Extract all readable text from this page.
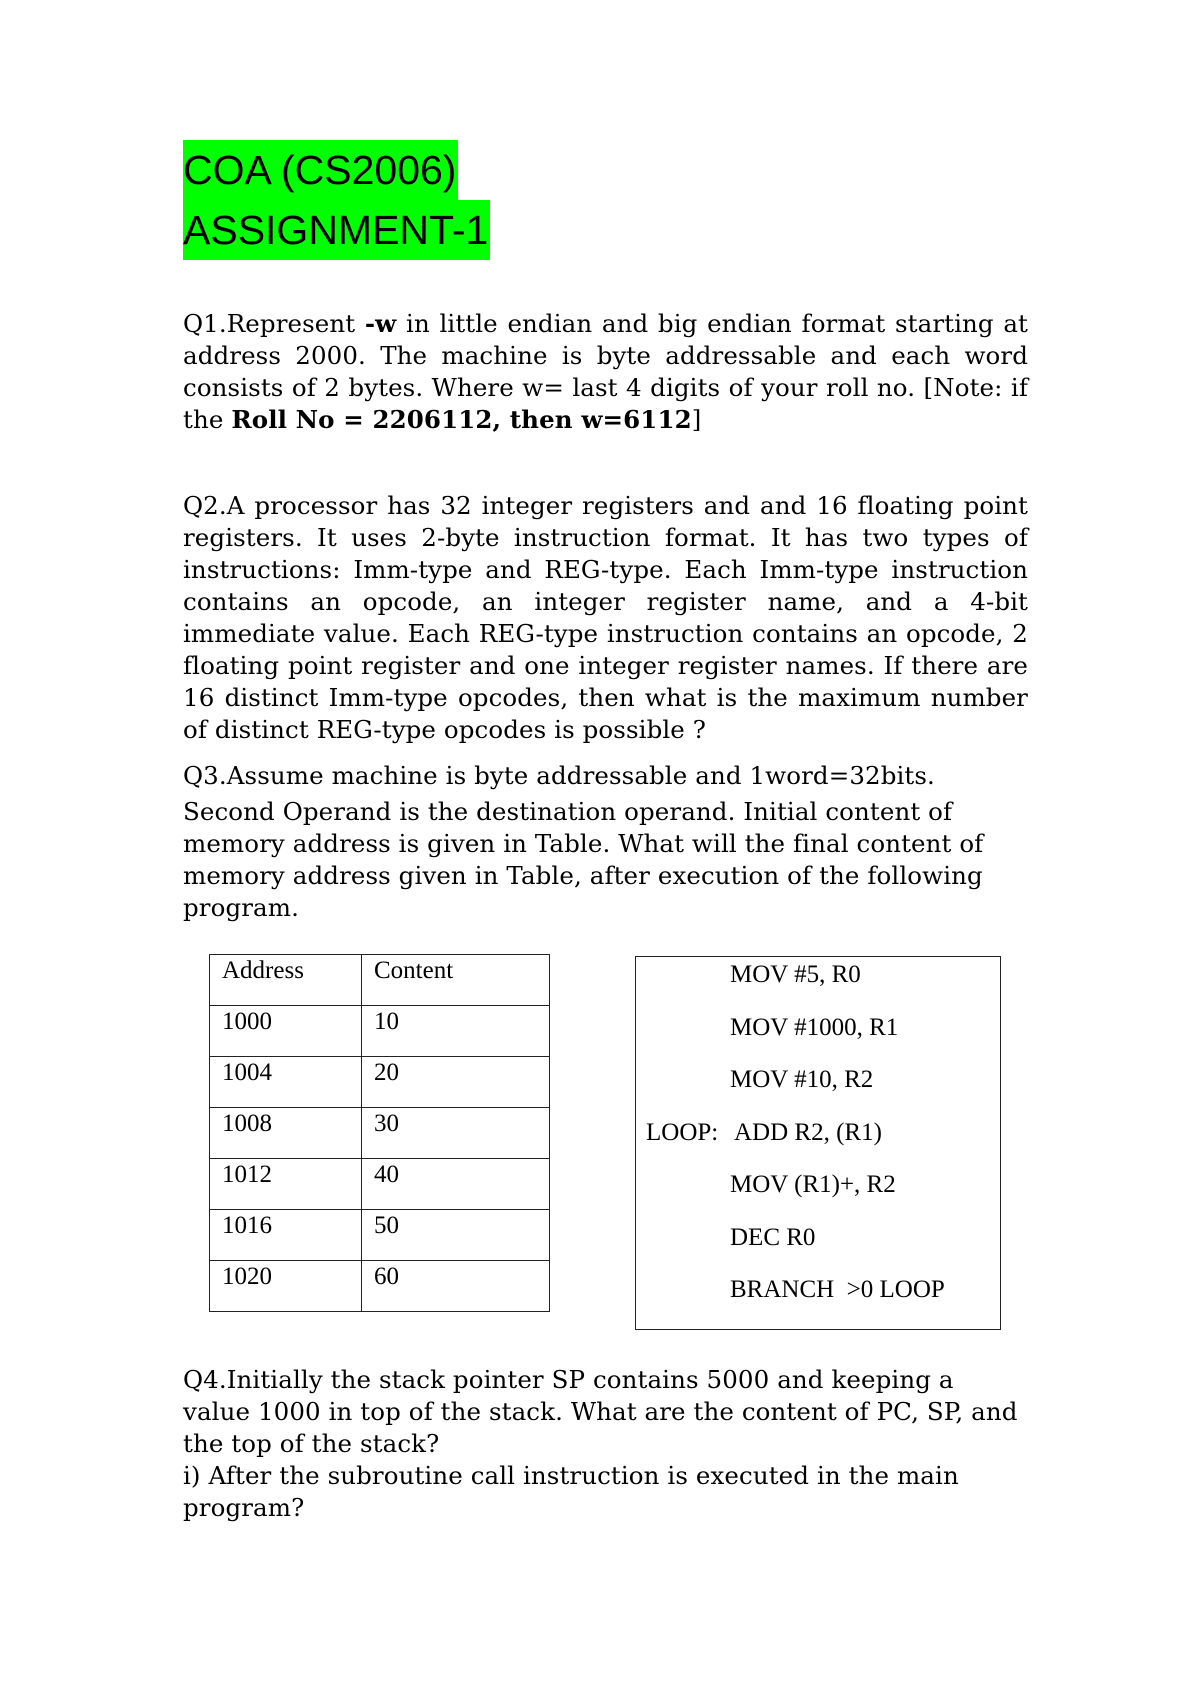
COA (CS2006)
ASSIGNMENT-1

Q1.Represent -w in little endian and big endian format starting at address 2000. The machine is byte addressable and each word consists of 2 bytes. Where w= last 4 digits of your roll no. [Note: if the Roll No = 2206112, then w=6112]

Q2.A processor has 32 integer registers and and 16 floating point registers. It uses 2-byte instruction format. It has two types of instructions: Imm-type and REG-type. Each Imm-type instruction contains an opcode, an integer register name, and a 4-bit immediate value. Each REG-type instruction contains an opcode, 2 floating point register and one integer register names. If there are 16 distinct Imm-type opcodes, then what is the maximum number of distinct REG-type opcodes is possible ?

Q3.Assume machine is byte addressable and 1word=32bits.

Second Operand is the destination operand. Initial content of memory address is given in Table. What will the final content of memory address given in Table, after execution of the following program.

Address	Content
1000	10
1004	20
1008	30
1012	40
1016	50
1020	60
MOV #5, R0
MOV #1000, R1
MOV #10, R2
LOOP: ADD R2, (R1)
MOV (R1)+, R2
DEC R0
BRANCH  >0 LOOP

Q4.Initially the stack pointer SP contains 5000 and keeping a value 1000 in top of the stack. What are the content of PC, SP, and the top of the stack?

i) After the subroutine call instruction is executed in the main program?
